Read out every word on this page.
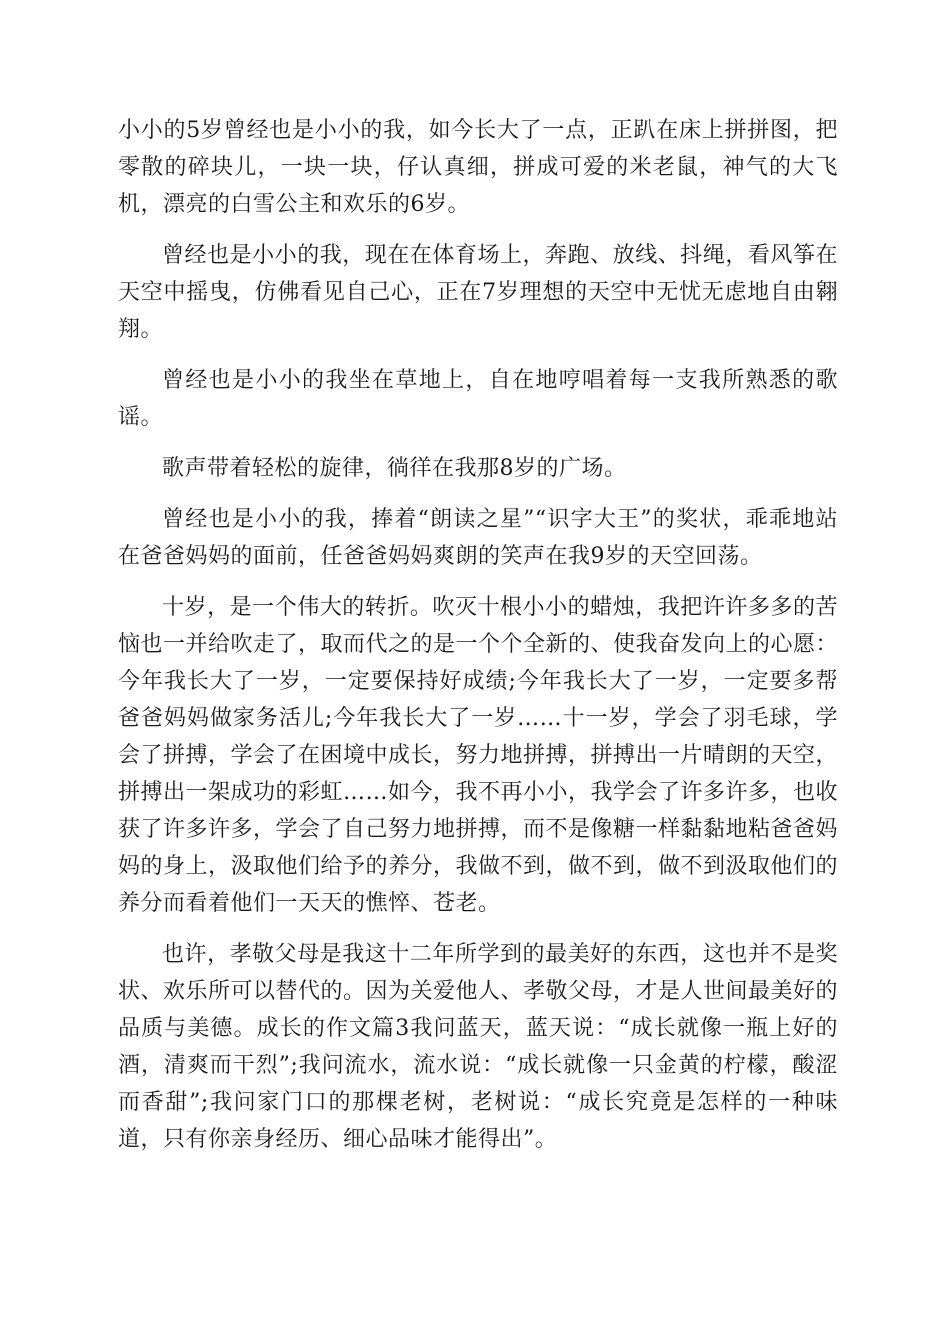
小小的5岁曾经也是小小的我，如今长大了一点，正趴在床上拼拼图，把零散的碎块儿，一块一块，仔认真细，拼成可爱的米老鼠，神气的大飞机，漂亮的白雪公主和欢乐的6岁。

曾经也是小小的我，现在在体育场上，奔跑、放线、抖绳，看风筝在天空中摇曳，仿佛看见自己心，正在7岁理想的天空中无忧无虑地自由翱翔。

曾经也是小小的我坐在草地上，自在地哼唱着每一支我所熟悉的歌谣。

歌声带着轻松的旋律，徜徉在我那8岁的广场。

曾经也是小小的我，捧着“朗读之星”“识字大王”的奖状，乖乖地站在爸爸妈妈的面前，任爸爸妈妈爽朗的笑声在我9岁的天空回荡。

十岁，是一个伟大的转折。吹灭十根小小的蜡烛，我把许许多多的苦恼也一并给吹走了，取而代之的是一个个全新的、使我奋发向上的心愿：今年我长大了一岁，一定要保持好成绩;今年我长大了一岁，一定要多帮爸爸妈妈做家务活儿;今年我长大了一岁……十一岁，学会了羽毛球，学会了拼搏，学会了在困境中成长，努力地拼搏，拼搏出一片晴朗的天空，拼搏出一架成功的彩虹……如今，我不再小小，我学会了许多许多，也收获了许多许多，学会了自己努力地拼搏，而不是像糖一样黏黏地粘爸爸妈妈的身上，汲取他们给予的养分，我做不到，做不到，做不到汲取他们的养分而看着他们一天天的憔悴、苍老。

也许，孝敬父母是我这十二年所学到的最美好的东西，这也并不是奖状、欢乐所可以替代的。因为关爱他人、孝敬父母，才是人世间最美好的品质与美德。成长的作文篇3我问蓝天，蓝天说：“成长就像一瓶上好的酒，清爽而干烈”;我问流水，流水说：“成长就像一只金黄的柠檬，酸涩而香甜”;我问家门口的那棵老树，老树说：“成长究竟是怎样的一种味道，只有你亲身经历、细心品味才能得出”。
